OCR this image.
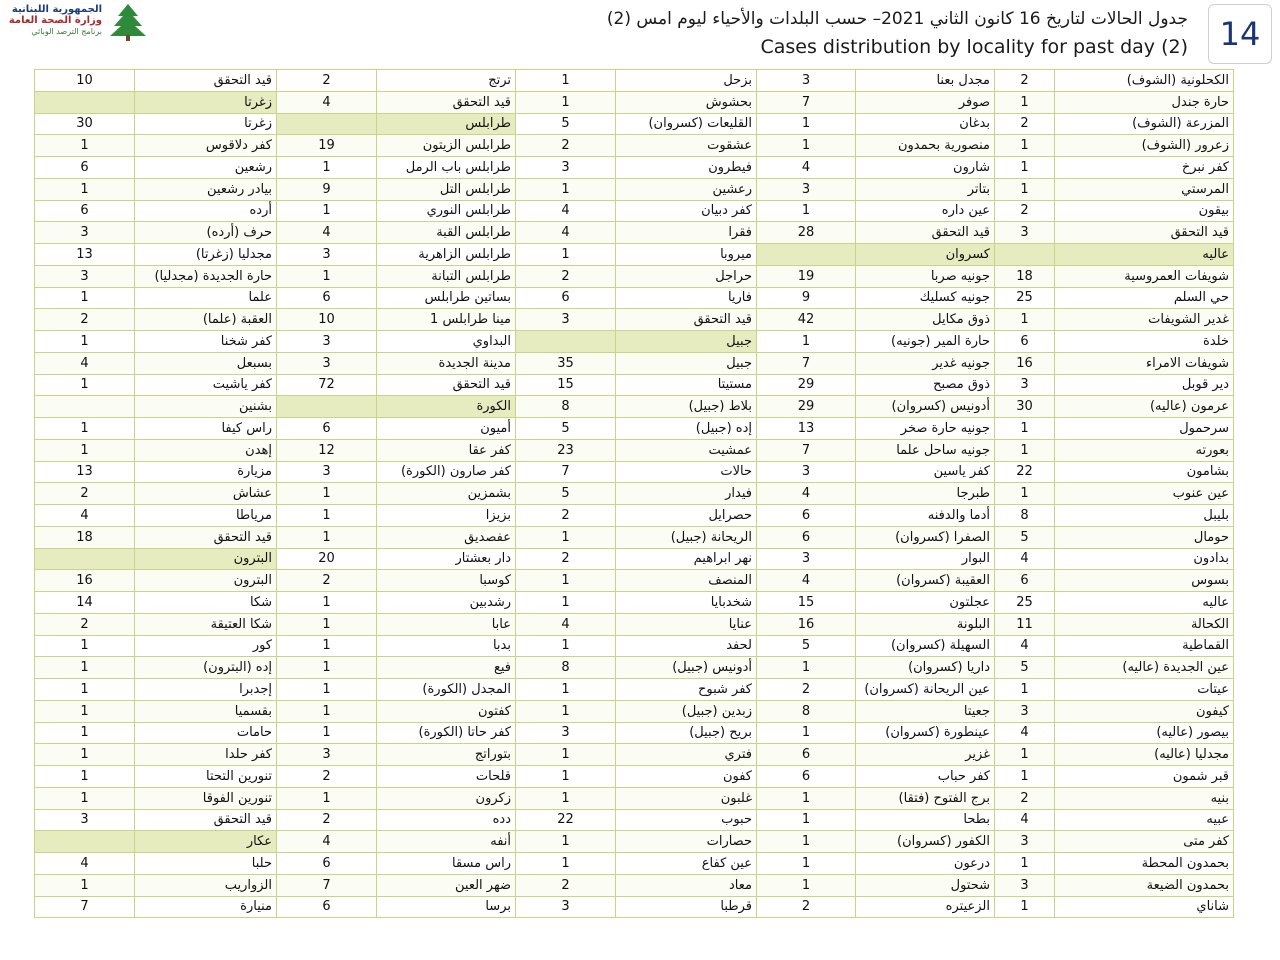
الجمهورية اللبنانية
وزارة الصحة العامة
برنامج الترصد الوبائي
جدول الحالات لتاريخ 16 كانون الثاني 2021– حسب البلدات والأحياء ليوم امس (2)
Cases distribution by locality for past day (2) 14
10	قيد التحقق	2	ترتج	1	بزحل	3	مجدل بعنا	2	الكحلونية (الشوف)
	زغرتا	4	قيد التحقق	1	بحشوش	7	صوفر	1	حارة جندل
30	زغرتا		طرابلس	5	القليعات (كسروان)	1	بدغان	2	المزرعة (الشوف)
1	كفر دلاقوس	19	طرابلس الزيتون	2	عشقوت	1	منصورية بحمدون	1	زعرور (الشوف)
6	رشعين	1	طرابلس باب الرمل	3	فيطرون	4	شارون	1	كفر نبرخ
1	بيادر رشعين	9	طرابلس التل	1	رعشين	3	بتاتر	1	المرستي
6	أرده	1	طرابلس النوري	4	كفر دبيان	1	عين داره	2	بيقون
3	حرف (أرده)	4	طرابلس القبة	4	فقرا	28	قيد التحقق	3	قيد التحقق
13	مجدليا (زغرتا)	3	طرابلس الزاهرية	1	ميروبا		كسروان		عاليه
3	حارة الجديدة (مجدليا)	1	طرابلس التبانة	2	حراجل	19	جونيه صربا	18	شويفات العمروسية
1	علما	6	بساتين طرابلس	6	فاريا	9	جونيه كسليك	25	حي السلم
2	العقبة (علما)	10	مينا طرابلس 1	3	قيد التحقق	42	ذوق مكايل	1	غدير الشويفات
1	كفر شخنا	3	البداوي		جبيل	1	حارة المير (جونيه)	6	خلدة
4	بسبعل	3	مدينة الجديدة	35	جبيل	7	جونيه غدير	16	شويفات الامراء
1	كفر ياشيت	72	قيد التحقق	15	مستيتا	29	ذوق مصبح	3	دير قوبل
	بشنين		الكورة	8	بلاط (جبيل)	29	أدونيس (كسروان)	30	عرمون (عاليه)
1	راس كيفا	6	أميون	5	إده (جبيل)	13	جونيه حارة صخر	1	سرحمول
1	إهدن	12	كفر عقا	23	عمشيت	7	جونيه ساحل علما	1	بعورته
13	مزيارة	3	كفر صارون (الكورة)	7	حالات	3	كفر ياسين	22	بشامون
2	عشاش	1	بشمزين	5	فيدار	4	طبرجا	1	عين عنوب
4	مرياطا	1	بزيزا	2	حصرايل	6	أدما والدفنه	8	بليبل
18	قيد التحقق	1	عفصديق	1	الريحانة (جبيل)	6	الصفرا (كسروان)	5	حومال
	البترون	20	دار بعشتار	2	نهر ابراهيم	3	البوار	4	بدادون
16	البترون	2	كوسبا	1	المنصف	4	العقيبة (كسروان)	6	بسوس
14	شكا	1	رشدبين	1	شخدبايا	15	عجلتون	25	عاليه
2	شكا العتيقة	1	عابا	4	عنايا	16	البلونة	11	الكحالة
1	كور	1	بدبا	1	لحفد	5	السهيلة (كسروان)	4	القماطية
1	إده (البترون)	1	فيع	8	أدونيس (جبيل)	1	داريا (كسروان)	5	عين الجديدة (عاليه)
1	إجدبرا	1	المجدل (الكورة)	1	كفر شبوح	2	عين الريحانة (كسروان)	1	عيتات
1	بقسميا	1	كفتون	1	زبدين (جبيل)	8	جعيتا	3	كيفون
1	حامات	1	كفر حاتا (الكورة)	3	بريح (جبيل)	1	عينطورة (كسروان)	4	بيصور (عاليه)
1	كفر حلدا	3	بتوراتج	1	فتري	6	غزير	1	مجدليا (عاليه)
1	تنورين التحتا	2	قلحات	1	كفون	6	كفر حباب	1	قبر شمون
1	تنورين الفوقا	1	زكرون	1	غلبون	1	برج الفتوح (فتقا)	2	بنيه
3	قيد التحقق	2	دده	22	حبوب	1	بطحا	4	عبيه
	عكار	4	أنفه	1	حصارات	1	الكفور (كسروان)	3	كفر متى
4	حلبا	6	راس مسقا	1	عين كفاع	1	درعون	1	بحمدون المحطة
1	الزواريب	7	ضهر العين	2	معاد	1	شحتول	3	بحمدون الضيعة
7	منيارة	6	برسا	3	قرطبا	2	الزعيتره	1	شاناي
